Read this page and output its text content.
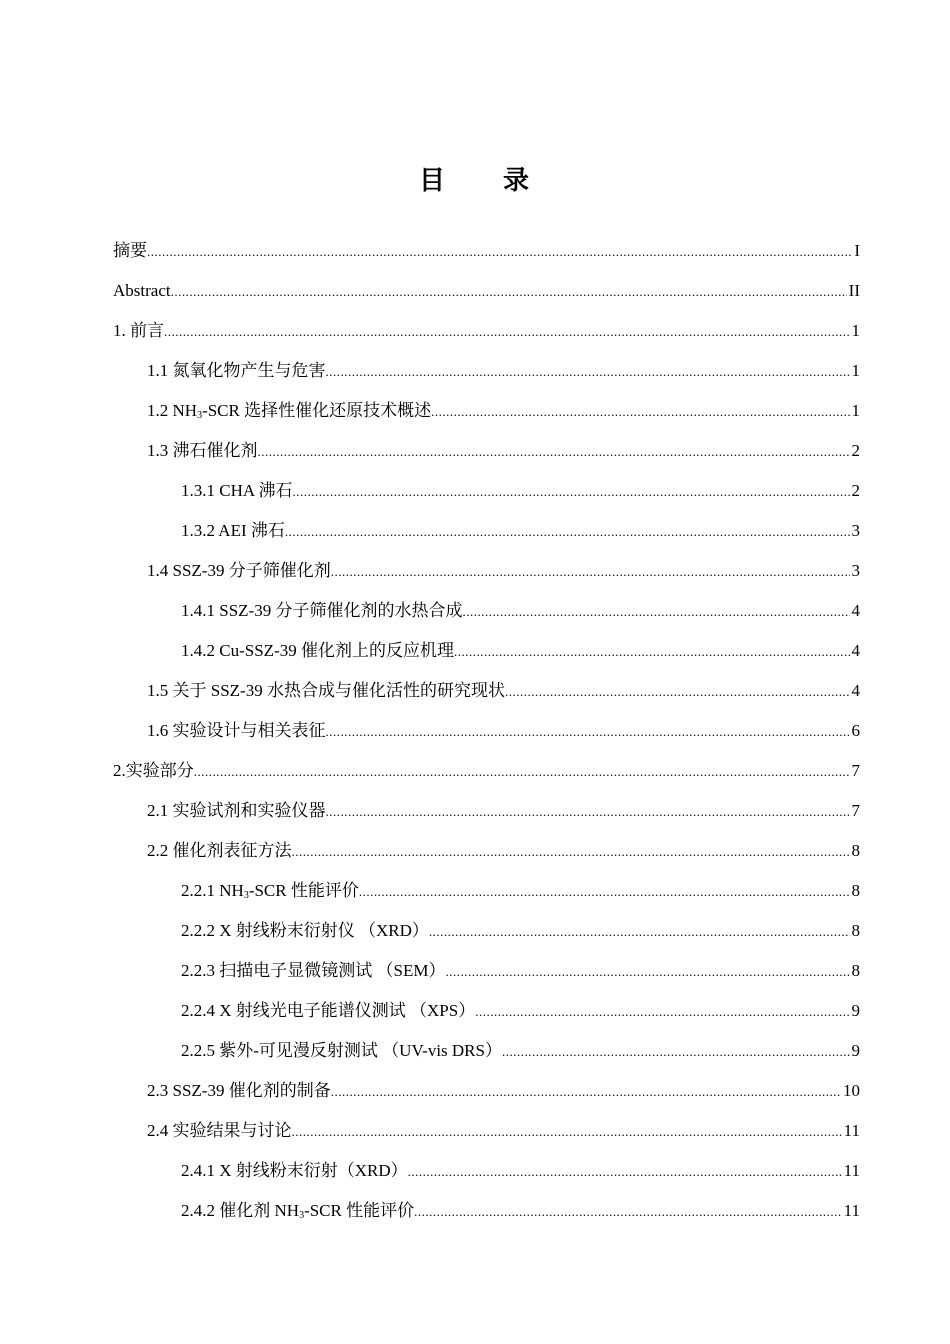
目　　录
摘要 .....	I
Abstract .....	II
1. 前言 .....	1
1.1 氮氧化物产生与危害 .....	1
1.2 $NH_3$-SCR 选择性催化还原技术概述 .....	1
1.3 沸石催化剂 .....	2
1.3.1 CHA 沸石 .....	2
1.3.2 AEI 沸石 .....	3
1.4 SSZ-39 分子筛催化剂 .....	3
1.4.1 SSZ-39 分子筛催化剂的水热合成 .....	4
1.4.2 Cu-SSZ-39 催化剂上的反应机理 .....	4
1.5 关于 SSZ-39 水热合成与催化活性的研究现状 .....	4
1.6 实验设计与相关表征 .....	6
2.实验部分 .....	7
2.1 实验试剂和实验仪器 .....	7
2.2 催化剂表征方法 .....	8
2.2.1 $NH_3$-SCR 性能评价 .....	8
2.2.2 X 射线粉末衍射仪 （XRD） .....	8
2.2.3 扫描电子显微镜测试 （SEM） .....	8
2.2.4 X 射线光电子能谱仪测试 （XPS） .....	9
2.2.5 紫外-可见漫反射测试 （UV-vis DRS） .....	9
2.3 SSZ-39 催化剂的制备 .....	10
2.4 实验结果与讨论 .....	11
2.4.1 X 射线粉末衍射（XRD） .....	11
2.4.2 催化剂 $NH_3$-SCR 性能评价 .....	11
